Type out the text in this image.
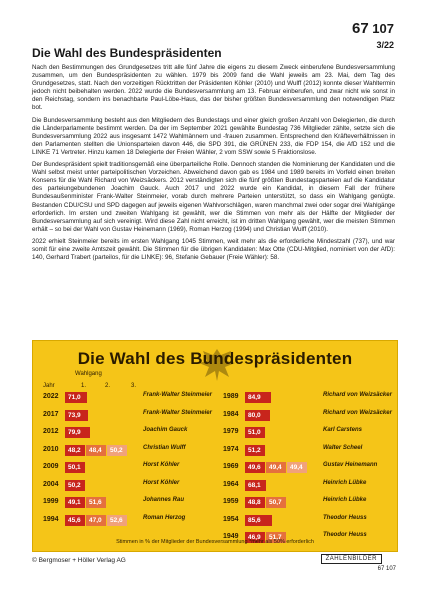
67 107
3/22
Die Wahl des Bundespräsidenten

Nach den Bestimmungen des Grundgesetzes tritt alle fünf Jahre die eigens zu diesem Zweck einberufene Bundesversammlung zusammen, um den Bundespräsidenten zu wählen. 1979 bis 2009 fand die Wahl jeweils am 23. Mai, dem Tag des Grundgesetzes, statt. Nach den vorzeitigen Rücktritten der Präsidenten Köhler (2010) und Wulff (2012) konnte dieser Wahltermin jedoch nicht beibehalten werden. 2022 wurde die Bundesversammlung am 13. Februar einberufen, und zwar nicht wie sonst in den Reichstag, sondern ins benachbarte Paul-Löbe-Haus, das der bisher größten Bundesversammlung den notwendigen Platz bot.

Die Bundesversammlung besteht aus den Mitgliedern des Bundestags und einer gleich großen Anzahl von Delegierten, die durch die Länderparlamente bestimmt werden. Da der im September 2021 gewählte Bundestag 736 Mitglieder zählte, setzte sich die Bundesversammlung 2022 aus insgesamt 1472 Wahlmännern und -frauen zusammen. Entsprechend den Kräfteverhältnissen in den Parlamenten stellten die Unionsparteien davon 446, die SPD 391, die GRÜNEN 233, die FDP 154, die AfD 152 und die LINKE 71 Vertreter. Hinzu kamen 18 Delegierte der Freien Wähler, 2 vom SSW sowie 5 Fraktionslose.

Der Bundespräsident spielt traditionsgemäß eine überparteiliche Rolle. Dennoch standen die Nominierung der Kandidaten und die Wahl selbst meist unter parteipolitischen Vorzeichen. Abweichend davon gab es 1984 und 1989 bereits im Vorfeld einen breiten Konsens für die Wahl Richard von Weizsäckers. 2012 verständigten sich die fünf größten Bundestagsparteien auf die Kandidatur des parteiungebundenen Joachim Gauck. Auch 2017 und 2022 wurde ein Kandidat, in diesem Fall der frühere Bundesaußenminister Frank-Walter Steinmeier, vorab durch mehrere Parteien unterstützt, so dass ein Wahlgang genügte. Bestanden CDU/CSU und SPD dagegen auf jeweils eigenen Wahlvorschlägen, waren manchmal zwei oder sogar drei Wahlgänge erforderlich. Im ersten und zweiten Wahlgang ist gewählt, wer die Stimmen von mehr als der Hälfte der Mitglieder der Bundesversammlung auf sich vereinigt. Wird diese Zahl nicht erreicht, ist im dritten Wahlgang gewählt, wer die meisten Stimmen erhält – so bei der Wahl von Gustav Heinemann (1969), Roman Herzog (1994) und Christian Wulff (2010).

2022 erhielt Steinmeier bereits im ersten Wahlgang 1045 Stimmen, weit mehr als die erforderliche Mindestzahl (737), und war somit für eine zweite Amtszeit gewählt. Die Stimmen für die übrigen Kandidaten: Max Otte (CDU-Mitglied, nominiert von der AfD): 140, Gerhard Trabert (parteilos, für die LINKE): 96, Stefanie Gebauer (Freie Wähler): 58.

Die Wahl des Bundespräsidenten
Wahlgang
Jahr	1.	2.	3.
2022	71,0	Frank-Walter Steinmeier
2017	73,9	Frank-Walter Steinmeier
2012	79,9	Joachim Gauck
2010	48,2	48,4	50,2	Christian Wulff
2009	50,1	Horst Köhler
2004	50,2	Horst Köhler
1999	49,1	51,6	Johannes Rau
1994	45,6	47,0	52,6	Roman Herzog
1989	84,9	Richard von Weizsäcker
1984	80,0	Richard von Weizsäcker
1979	51,0	Karl Carstens
1974	51,2	Walter Scheel
1969	49,6	49,4	49,4	Gustav Heinemann
1964	68,1	Heinrich Lübke
1959	48,8	50,7	Heinrich Lübke
1954	85,6	Theodor Heuss
1949	46,9	51,7	Theodor Heuss
Stimmen in % der Mitglieder der Bundesversammlung *mehr als 50% erforderlich
© Bergmoser + Höller Verlag AG	ZAHLENBILDER
67 107
